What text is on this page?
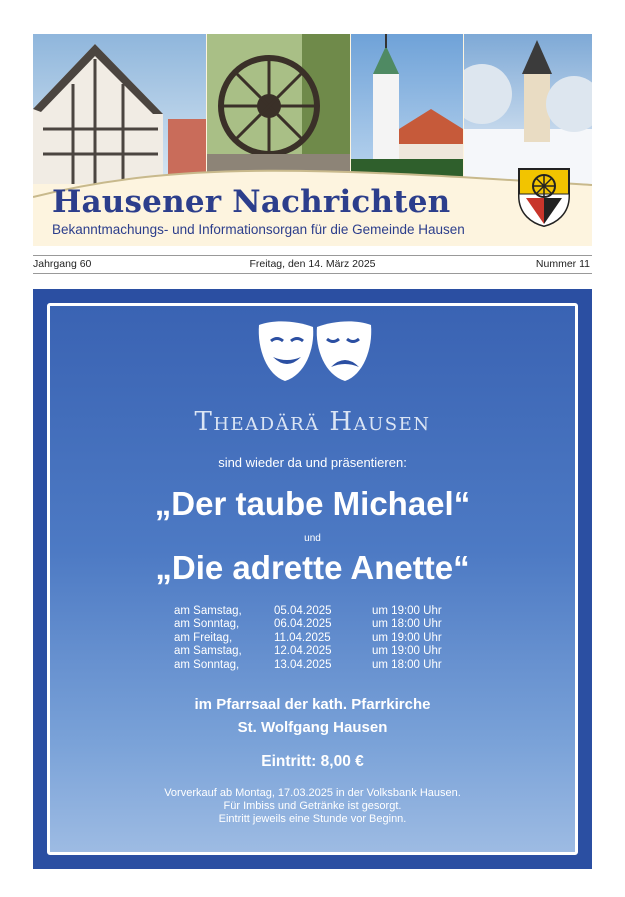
Hausener Nachrichten
Bekanntmachungs- und Informationsorgan für die Gemeinde Hausen
Freitag, den 14. März 2025
Jahrgang 60	Nummer 11
Theadärä Hausen
sind wieder da und präsentieren:
„Der taube Michael“
und
„Die adrette Anette“
am Samstag,	05.04.2025	um 19:00 Uhr
am Sonntag,	06.04.2025	um 18:00 Uhr
am Freitag,	11.04.2025	um 19:00 Uhr
am Samstag,	12.04.2025	um 19:00 Uhr
am Sonntag,	13.04.2025	um 18:00 Uhr
im Pfarrsaal der kath. Pfarrkirche
St. Wolfgang Hausen
Eintritt: 8,00 €
Vorverkauf ab Montag, 17.03.2025 in der Volksbank Hausen.
Für Imbiss und Getränke ist gesorgt.
Eintritt jeweils eine Stunde vor Beginn.
